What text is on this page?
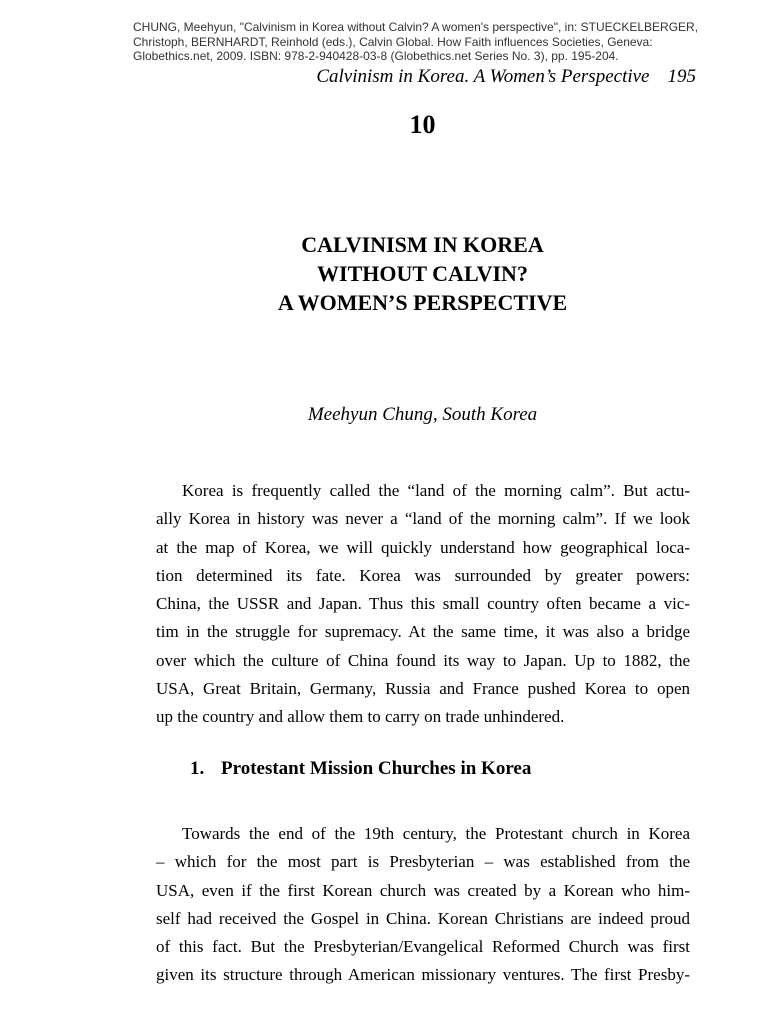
CHUNG, Meehyun, "Calvinism in Korea without Calvin? A women's perspective", in: STUECKELBERGER,
Christoph, BERNHARDT, Reinhold (eds.), Calvin Global. How Faith influences Societies, Geneva:
Globethics.net, 2009. ISBN: 978-2-940428-03-8 (Globethics.net Series No. 3), pp. 195-204.
Calvinism in Korea. A Women’s Perspective 195
10
CALVINISM IN KOREA
WITHOUT CALVIN?
A WOMEN’S PERSPECTIVE
Meehyun Chung, South Korea
Korea is frequently called the “land of the morning calm”. But actu-
ally Korea in history was never a “land of the morning calm”. If we look
at the map of Korea, we will quickly understand how geographical loca-
tion determined its fate. Korea was surrounded by greater powers:
China, the USSR and Japan. Thus this small country often became a vic-
tim in the struggle for supremacy. At the same time, it was also a bridge
over which the culture of China found its way to Japan. Up to 1882, the
USA, Great Britain, Germany, Russia and France pushed Korea to open
up the country and allow them to carry on trade unhindered.
1. Protestant Mission Churches in Korea
Towards the end of the 19th century, the Protestant church in Korea
– which for the most part is Presbyterian – was established from the
USA, even if the first Korean church was created by a Korean who him-
self had received the Gospel in China. Korean Christians are indeed proud
of this fact. But the Presbyterian/Evangelical Reformed Church was first
given its structure through American missionary ventures. The first Presby-
